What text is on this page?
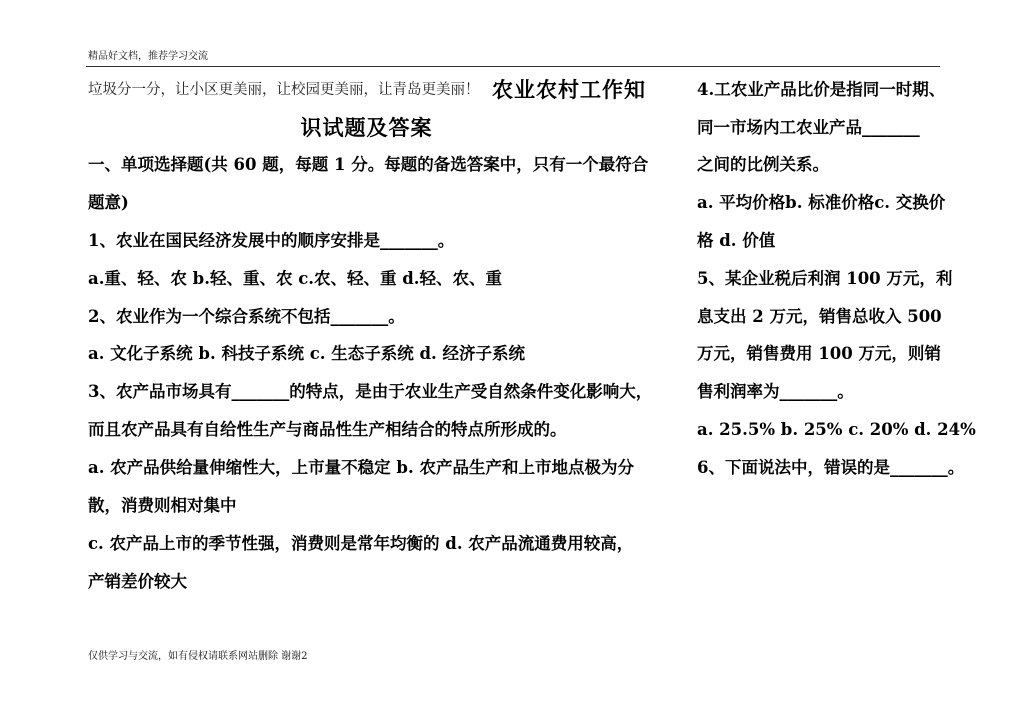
精品好文档，推荐学习交流
垃圾分一分，让小区更美丽，让校园更美丽，让青岛更美丽！ 农业农村工作知
识试题及答案
一、单项选择题(共 60 题，每题 1 分。每题的备选答案中，只有一个最符合
题意)
1、农业在国民经济发展中的顺序安排是_______。
a.重、轻、农 b.轻、重、农 c.农、轻、重 d.轻、农、重
2、农业作为一个综合系统不包括_______。
a. 文化子系统 b. 科技子系统 c. 生态子系统 d. 经济子系统
3、农产品市场具有_______的特点，是由于农业生产受自然条件变化影响大，
而且农产品具有自给性生产与商品性生产相结合的特点所形成的。
a. 农产品供给量伸缩性大，上市量不稳定 b. 农产品生产和上市地点极为分
散，消费则相对集中
c. 农产品上市的季节性强，消费则是常年均衡的 d. 农产品流通费用较高，
产销差价较大
4.工农业产品比价是指同一时期、
同一市场内工农业产品_______
之间的比例关系。
a. 平均价格b. 标准价格c. 交换价
格 d. 价值
5、某企业税后利润 100 万元，利
息支出 2 万元，销售总收入 500
万元，销售费用 100 万元，则销
售利润率为_______。
a. 25.5% b. 25% c. 20% d. 24%
6、下面说法中，错误的是_______。
仅供学习与交流，如有侵权请联系网站删除 谢谢2
